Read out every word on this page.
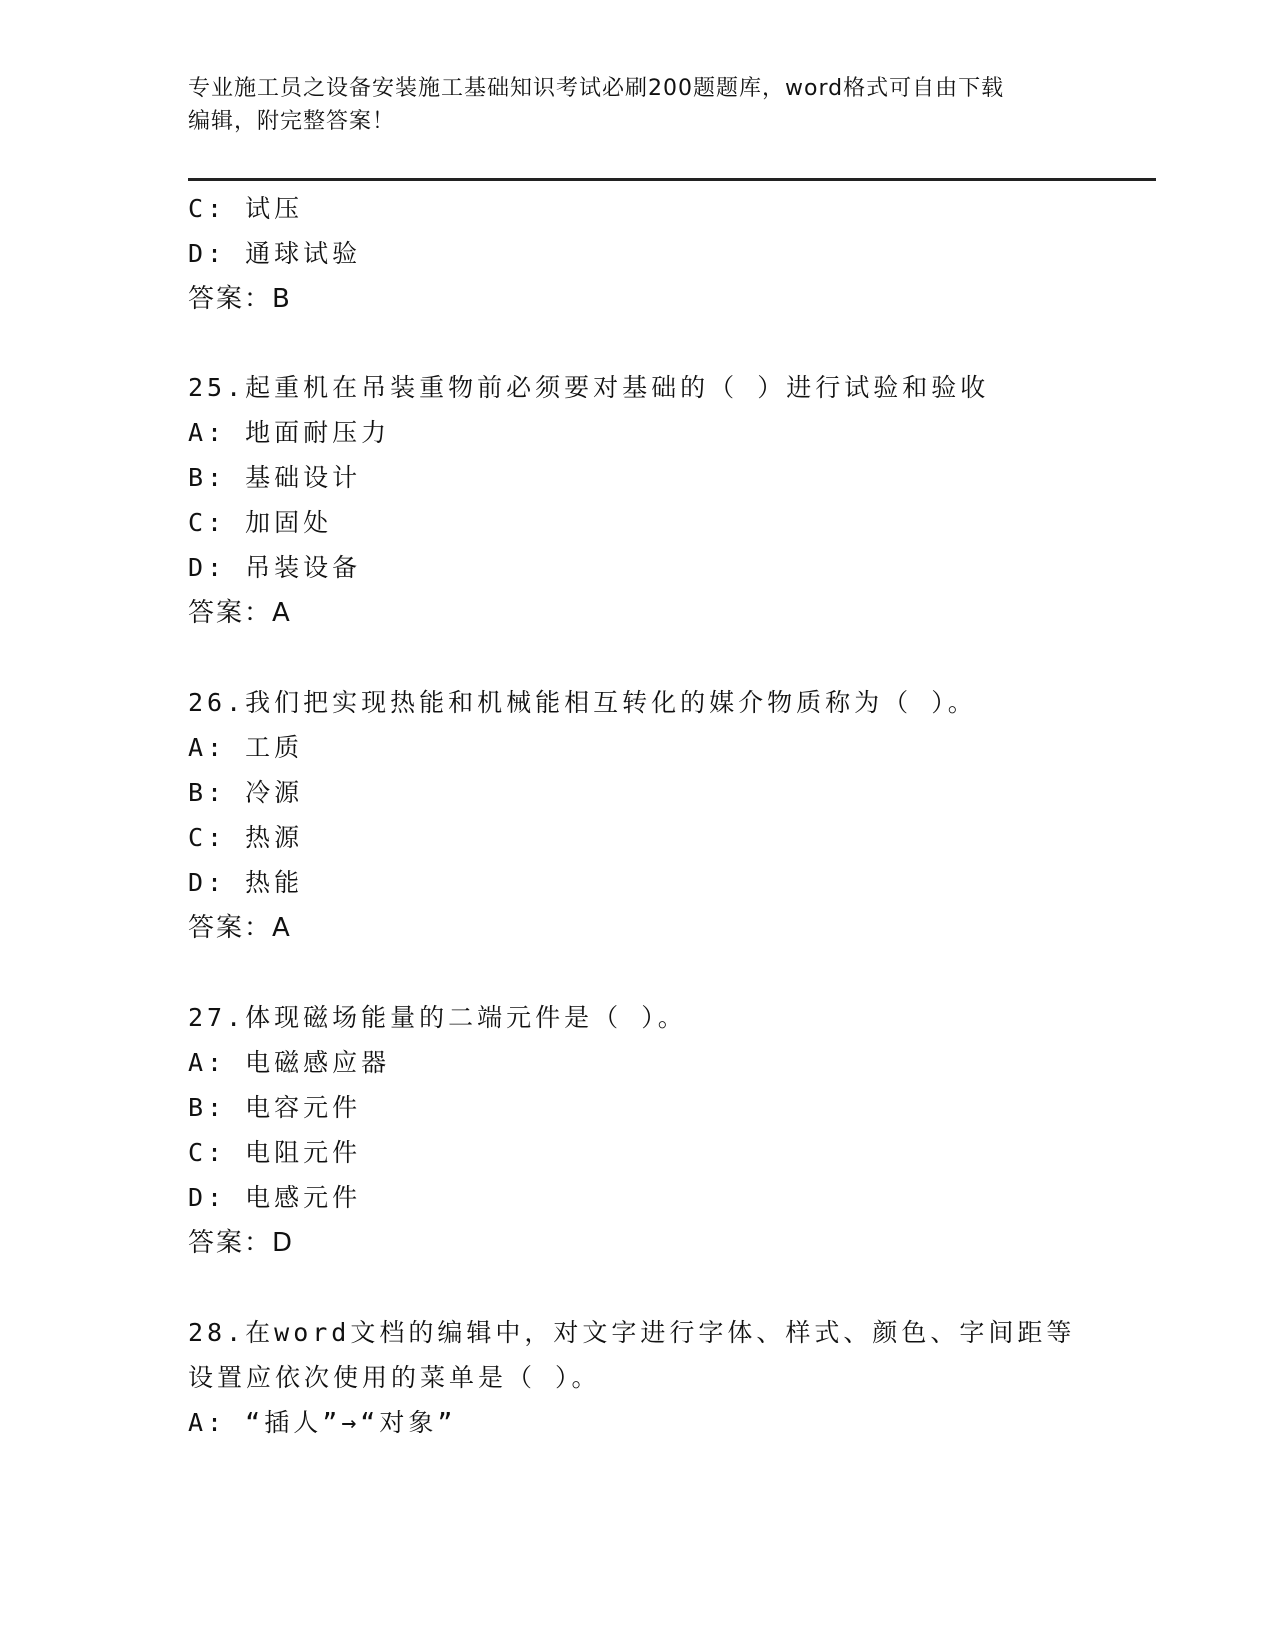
专业施工员之设备安装施工基础知识考试必刷200题题库，word格式可自由下载
编辑，附完整答案！
C: 试压
D: 通球试验
答案：B
25.起重机在吊装重物前必须要对基础的（ ）进行试验和验收
A: 地面耐压力
B: 基础设计
C: 加固处
D: 吊装设备
答案：A
26.我们把实现热能和机械能相互转化的媒介物质称为（ ）。
A: 工质
B: 冷源
C: 热源
D: 热能
答案：A
27.体现磁场能量的二端元件是（ ）。
A: 电磁感应器
B: 电容元件
C: 电阻元件
D: 电感元件
答案：D
28.在word文档的编辑中，对文字进行字体、样式、颜色、字间距等
设置应依次使用的菜单是（ ）。
A: “插人”→“对象”
